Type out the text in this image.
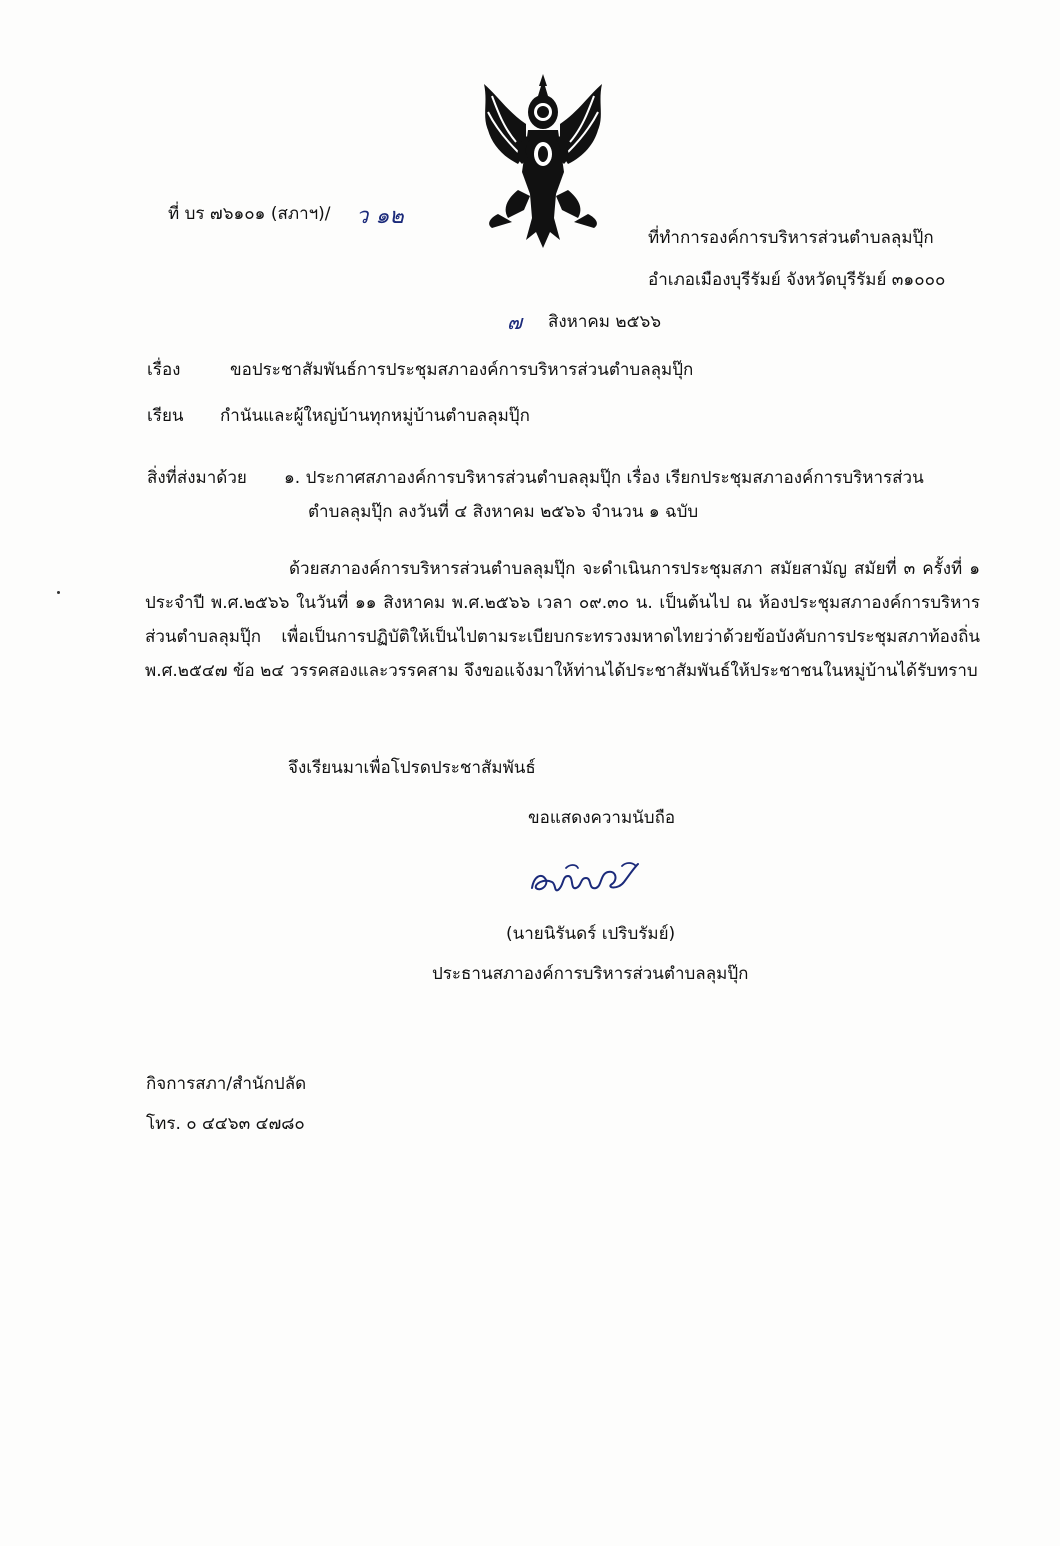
ที่ บร ๗๖๑๐๑ (สภาฯ)/ ว ๑๒
ที่ทำการองค์การบริหารส่วนตำบลลุมปุ๊ก
อำเภอเมืองบุรีรัมย์ จังหวัดบุรีรัมย์ ๓๑๐๐๐
๗ สิงหาคม ๒๕๖๖
เรื่อง	ขอประชาสัมพันธ์การประชุมสภาองค์การบริหารส่วนตำบลลุมปุ๊ก
เรียน กำนันและผู้ใหญ่บ้านทุกหมู่บ้านตำบลลุมปุ๊ก
สิ่งที่ส่งมาด้วย ๑. ประกาศสภาองค์การบริหารส่วนตำบลลุมปุ๊ก เรื่อง เรียกประชุมสภาองค์การบริหารส่วน
ตำบลลุมปุ๊ก ลงวันที่ ๔ สิงหาคม ๒๕๖๖ จำนวน ๑ ฉบับ
ด้วยสภาองค์การบริหารส่วนตำบลลุมปุ๊ก จะดำเนินการประชุมสภา สมัยสามัญ สมัยที่ ๓ ครั้งที่ ๑ ประจำปี พ.ศ.๒๕๖๖ ในวันที่ ๑๑ สิงหาคม พ.ศ.๒๕๖๖ เวลา ๐๙.๓๐ น. เป็นต้นไป ณ ห้องประชุมสภาองค์การบริหารส่วนตำบลลุมปุ๊ก เพื่อเป็นการปฏิบัติให้เป็นไปตามระเบียบกระทรวงมหาดไทยว่าด้วยข้อบังคับการประชุมสภาท้องถิ่น พ.ศ.๒๕๔๗ ข้อ ๒๔ วรรคสองและวรรคสาม จึงขอแจ้งมาให้ท่านได้ประชาสัมพันธ์ให้ประชาชนในหมู่บ้านได้รับทราบ
จึงเรียนมาเพื่อโปรดประชาสัมพันธ์
ขอแสดงความนับถือ
(นายนิรันดร์ เปริบรัมย์)
ประธานสภาองค์การบริหารส่วนตำบลลุมปุ๊ก
กิจการสภา/สำนักปลัด
โทร. ๐ ๔๔๖๓ ๔๗๘๐
